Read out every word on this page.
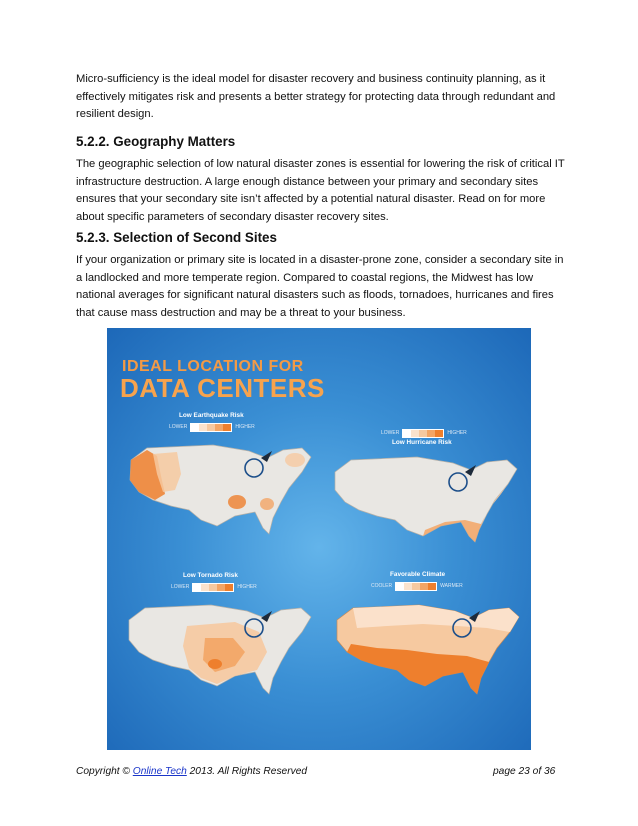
Micro-sufficiency is the ideal model for disaster recovery and business continuity planning, as it effectively mitigates risk and presents a better strategy for protecting data through redundant and resilient design.

5.2.2. Geography Matters

The geographic selection of low natural disaster zones is essential for lowering the risk of critical IT infrastructure destruction. A large enough distance between your primary and secondary sites ensures that your secondary site isn’t affected by a potential natural disaster. Read on for more about specific parameters of secondary disaster recovery sites.

5.2.3. Selection of Second Sites

If your organization or primary site is located in a disaster-prone zone, consider a secondary site in a landlocked and more temperate region. Compared to coastal regions, the Midwest has low national averages for significant natural disasters such as floods, tornadoes, hurricanes and fires that cause mass destruction and may be a threat to your business.

IDEAL LOCATION FOR
DATA CENTERS
Low Earthquake Risk
LOWER	HIGHER
Low Hurricane Risk
LOWER	HIGHER
Low Tornado Risk
LOWER	HIGHER
Favorable Climate
COOLER	WARMER
Copyright © Online Tech 2013. All Rights Reserved	page 23 of 36
